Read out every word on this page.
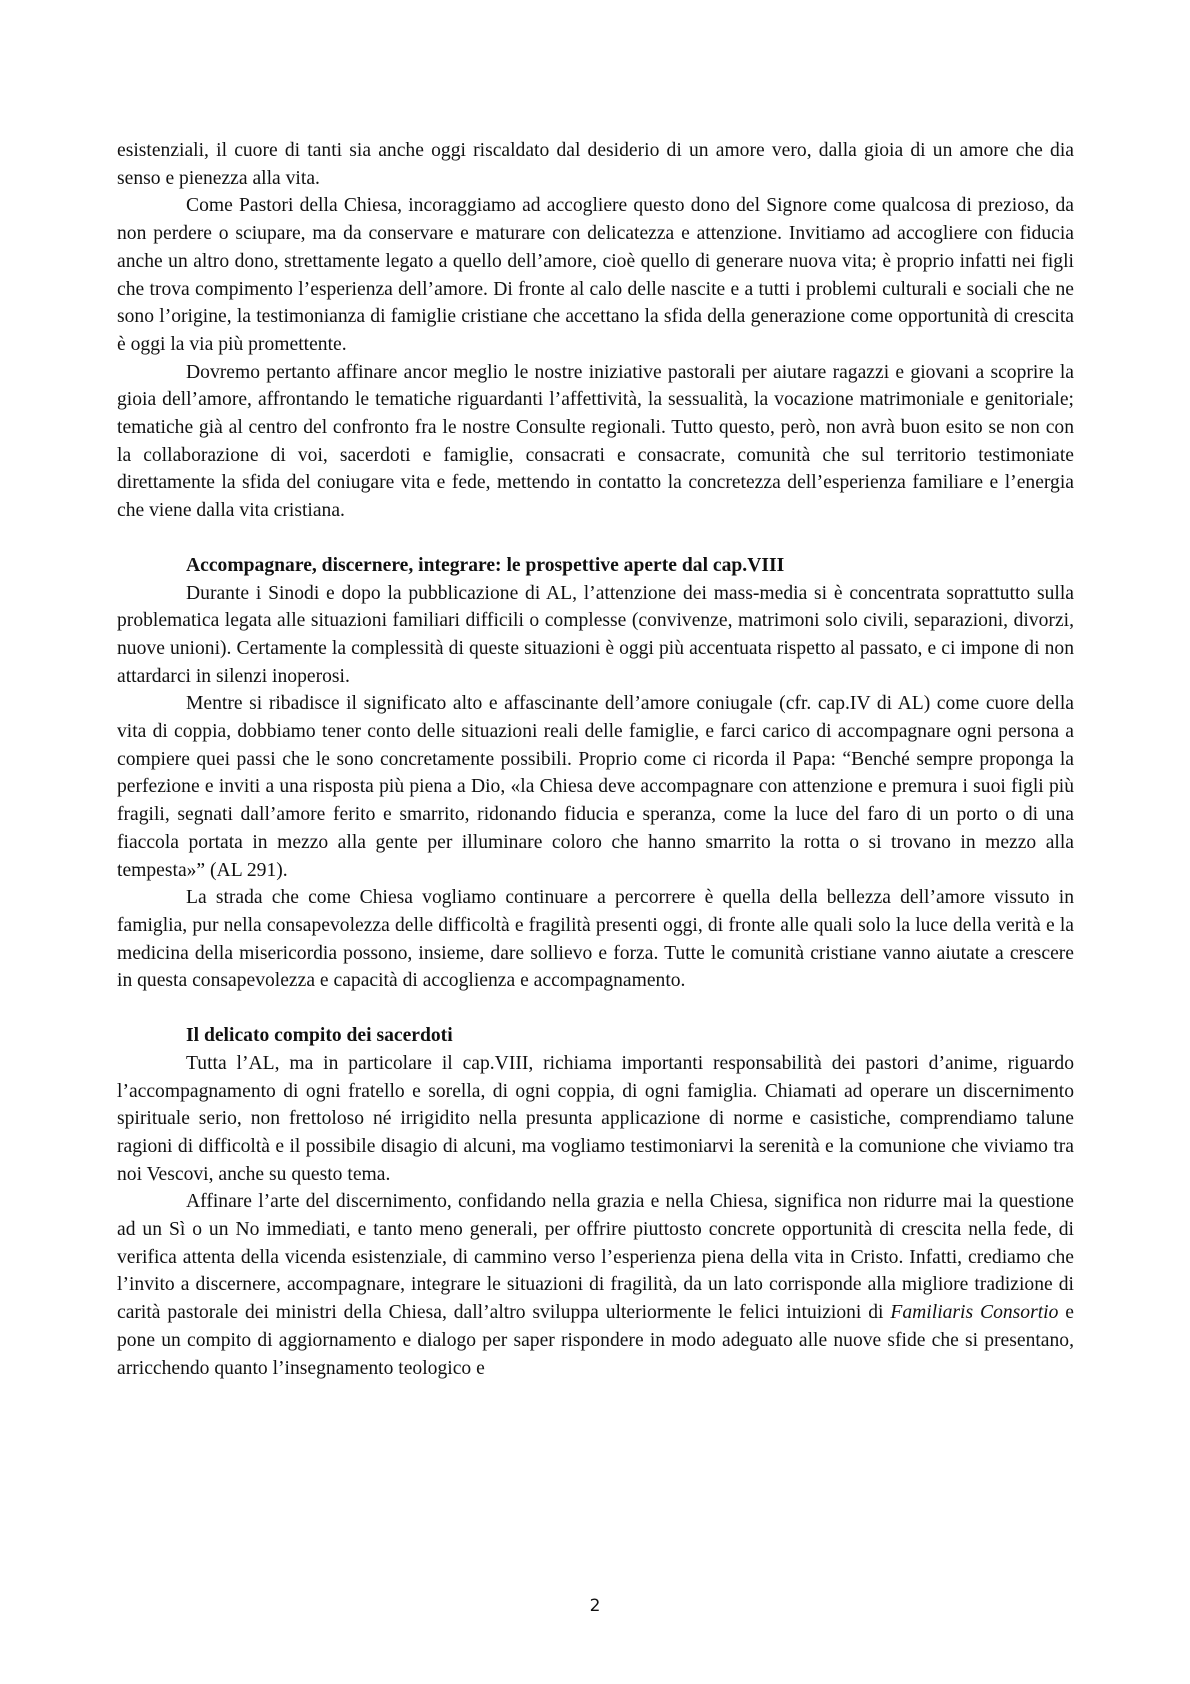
esistenziali, il cuore di tanti sia anche oggi riscaldato dal desiderio di un amore vero, dalla gioia di un amore che dia senso e pienezza alla vita.

Come Pastori della Chiesa, incoraggiamo ad accogliere questo dono del Signore come qualcosa di prezioso, da non perdere o sciupare, ma da conservare e maturare con delicatezza e attenzione. Invitiamo ad accogliere con fiducia anche un altro dono, strettamente legato a quello dell’amore, cioè quello di generare nuova vita; è proprio infatti nei figli che trova compimento l’esperienza dell’amore. Di fronte al calo delle nascite e a tutti i problemi culturali e sociali che ne sono l’origine, la testimonianza di famiglie cristiane che accettano la sfida della generazione come opportunità di crescita è oggi la via più promettente.

Dovremo pertanto affinare ancor meglio le nostre iniziative pastorali per aiutare ragazzi e giovani a scoprire la gioia dell’amore, affrontando le tematiche riguardanti l’affettività, la sessualità, la vocazione matrimoniale e genitoriale; tematiche già al centro del confronto fra le nostre Consulte regionali. Tutto questo, però, non avrà buon esito se non con la collaborazione di voi, sacerdoti e famiglie, consacrati e consacrate, comunità che sul territorio testimoniate direttamente la sfida del coniugare vita e fede, mettendo in contatto la concretezza dell’esperienza familiare e l’energia che viene dalla vita cristiana.

Accompagnare, discernere, integrare: le prospettive aperte dal cap.VIII

Durante i Sinodi e dopo la pubblicazione di AL, l’attenzione dei mass-media si è concentrata soprattutto sulla problematica legata alle situazioni familiari difficili o complesse (convivenze, matrimoni solo civili, separazioni, divorzi, nuove unioni). Certamente la complessità di queste situazioni è oggi più accentuata rispetto al passato, e ci impone di non attardarci in silenzi inoperosi.

Mentre si ribadisce il significato alto e affascinante dell’amore coniugale (cfr. cap.IV di AL) come cuore della vita di coppia, dobbiamo tener conto delle situazioni reali delle famiglie, e farci carico di accompagnare ogni persona a compiere quei passi che le sono concretamente possibili. Proprio come ci ricorda il Papa: “Benché sempre proponga la perfezione e inviti a una risposta più piena a Dio, «la Chiesa deve accompagnare con attenzione e premura i suoi figli più fragili, segnati dall’amore ferito e smarrito, ridonando fiducia e speranza, come la luce del faro di un porto o di una fiaccola portata in mezzo alla gente per illuminare coloro che hanno smarrito la rotta o si trovano in mezzo alla tempesta»” (AL 291).

La strada che come Chiesa vogliamo continuare a percorrere è quella della bellezza dell’amore vissuto in famiglia, pur nella consapevolezza delle difficoltà e fragilità presenti oggi, di fronte alle quali solo la luce della verità e la medicina della misericordia possono, insieme, dare sollievo e forza. Tutte le comunità cristiane vanno aiutate a crescere in questa consapevolezza e capacità di accoglienza e accompagnamento.

Il delicato compito dei sacerdoti

Tutta l’AL, ma in particolare il cap.VIII, richiama importanti responsabilità dei pastori d’anime, riguardo l’accompagnamento di ogni fratello e sorella, di ogni coppia, di ogni famiglia. Chiamati ad operare un discernimento spirituale serio, non frettoloso né irrigidito nella presunta applicazione di norme e casistiche, comprendiamo talune ragioni di difficoltà e il possibile disagio di alcuni, ma vogliamo testimoniarvi la serenità e la comunione che viviamo tra noi Vescovi, anche su questo tema.

Affinare l’arte del discernimento, confidando nella grazia e nella Chiesa, significa non ridurre mai la questione ad un Sì o un No immediati, e tanto meno generali, per offrire piuttosto concrete opportunità di crescita nella fede, di verifica attenta della vicenda esistenziale, di cammino verso l’esperienza piena della vita in Cristo. Infatti, crediamo che l’invito a discernere, accompagnare, integrare le situazioni di fragilità, da un lato corrisponde alla migliore tradizione di carità pastorale dei ministri della Chiesa, dall’altro sviluppa ulteriormente le felici intuizioni di Familiaris Consortio e pone un compito di aggiornamento e dialogo per saper rispondere in modo adeguato alle nuove sfide che si presentano, arricchendo quanto l’insegnamento teologico e

2
